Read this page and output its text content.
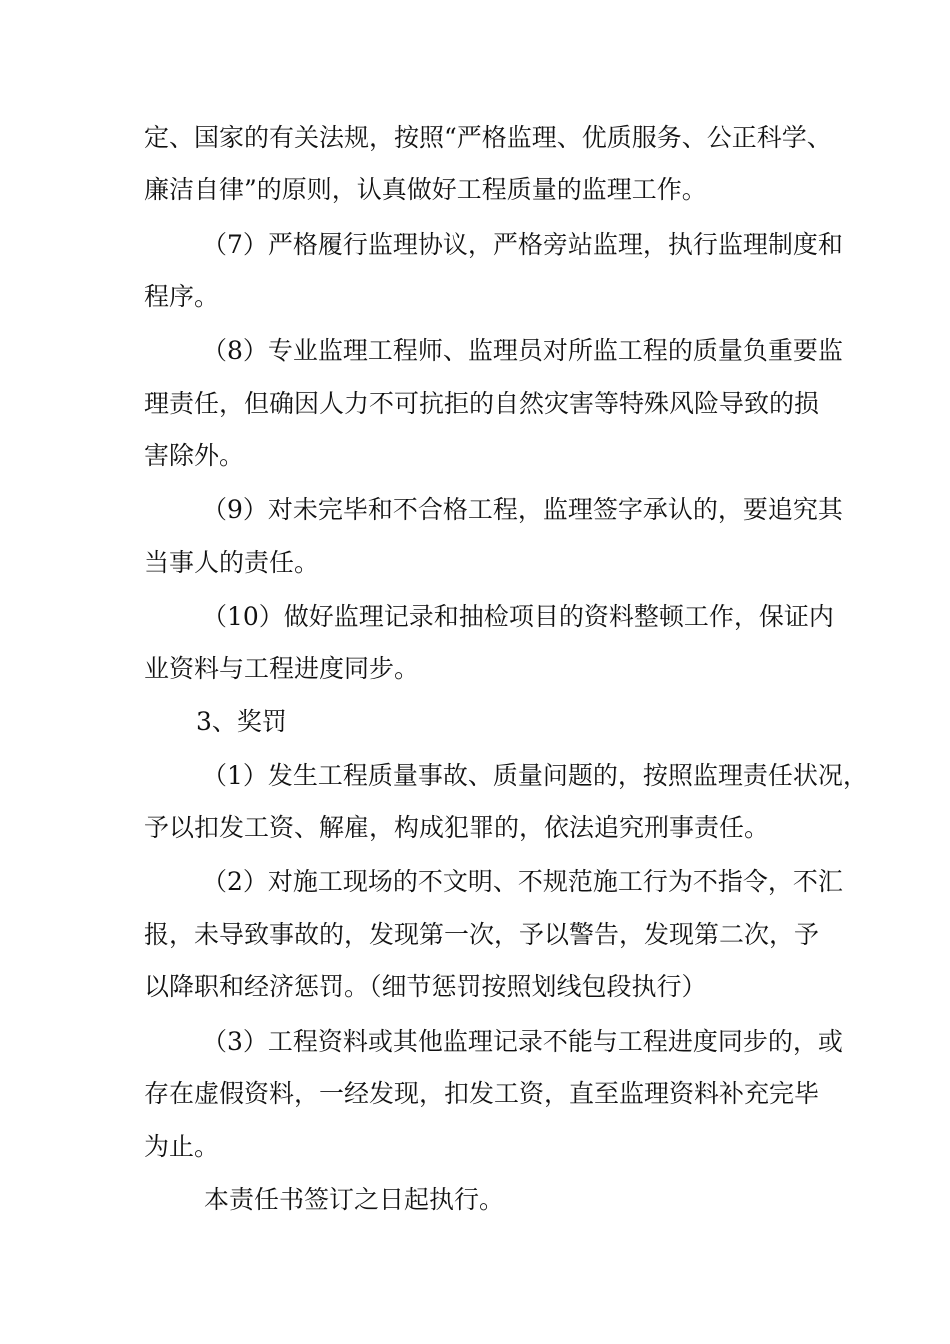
定、国家的有关法规，按照“严格监理、优质服务、公正科学、
廉洁自律”的原则，认真做好工程质量的监理工作。
（7）严格履行监理协议，严格旁站监理，执行监理制度和
程序。
（8）专业监理工程师、监理员对所监工程的质量负重要监
理责任，但确因人力不可抗拒的自然灾害等特殊风险导致的损
害除外。
（9）对未完毕和不合格工程，监理签字承认的，要追究其
当事人的责任。
（10）做好监理记录和抽检项目的资料整顿工作，保证内
业资料与工程进度同步。
3、奖罚
（1）发生工程质量事故、质量问题的，按照监理责任状况，
予以扣发工资、解雇，构成犯罪的，依法追究刑事责任。
（2）对施工现场的不文明、不规范施工行为不指令，不汇
报，未导致事故的，发现第一次，予以警告，发现第二次，予
以降职和经济惩罚。（细节惩罚按照划线包段执行）
（3）工程资料或其他监理记录不能与工程进度同步的，或
存在虚假资料，一经发现，扣发工资，直至监理资料补充完毕
为止。
本责任书签订之日起执行。
